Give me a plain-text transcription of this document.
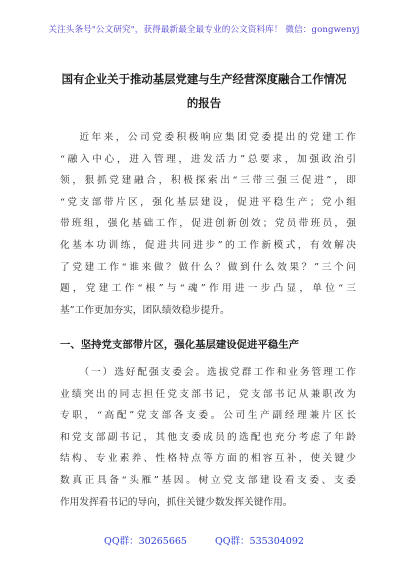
关注头条号"公文研究"，获得最新最全最专业的公文资料库！ 微信：gongwenyj
国有企业关于推动基层党建与生产经营深度融合工作情况
的报告
近年来，公司党委积极响应集团党委提出的党建工作
“融入中心，进入管理，进发活力”总要求，加强政治引
领，狠抓党建融合，积极探索出“三带三强三促进”，即
“党支部带片区，强化基层建设，促进平稳生产；党小组
带班组，强化基础工作，促进创新创效；党员带班员，强
化基本功训练，促进共同进步”的工作新模式，有效解决
了党建工作“谁来做？做什么？做到什么效果？”三个问
题，党建工作“根”与“魂”作用进一步凸显，单位“三
基”工作更加夯实，团队绩效稳步提升。
一、坚持党支部带片区，强化基层建设促进平稳生产
（一）选好配强支委会。选拔党群工作和业务管理工作
业绩突出的同志担任党支部书记，党支部书记从兼职改为
专职，“高配”党支部各支委。公司生产副经理兼片区长
和党支部副书记，其他支委成员的选配也充分考虑了年龄
结构、专业素养、性格特点等方面的相容互补，使关键少
数真正具备“头雁”基因。树立党支部建设看支委、支委
作用发挥看书记的导向，抓住关键少数发挥关键作用。
QQ群：30265665	QQ群：535304092
